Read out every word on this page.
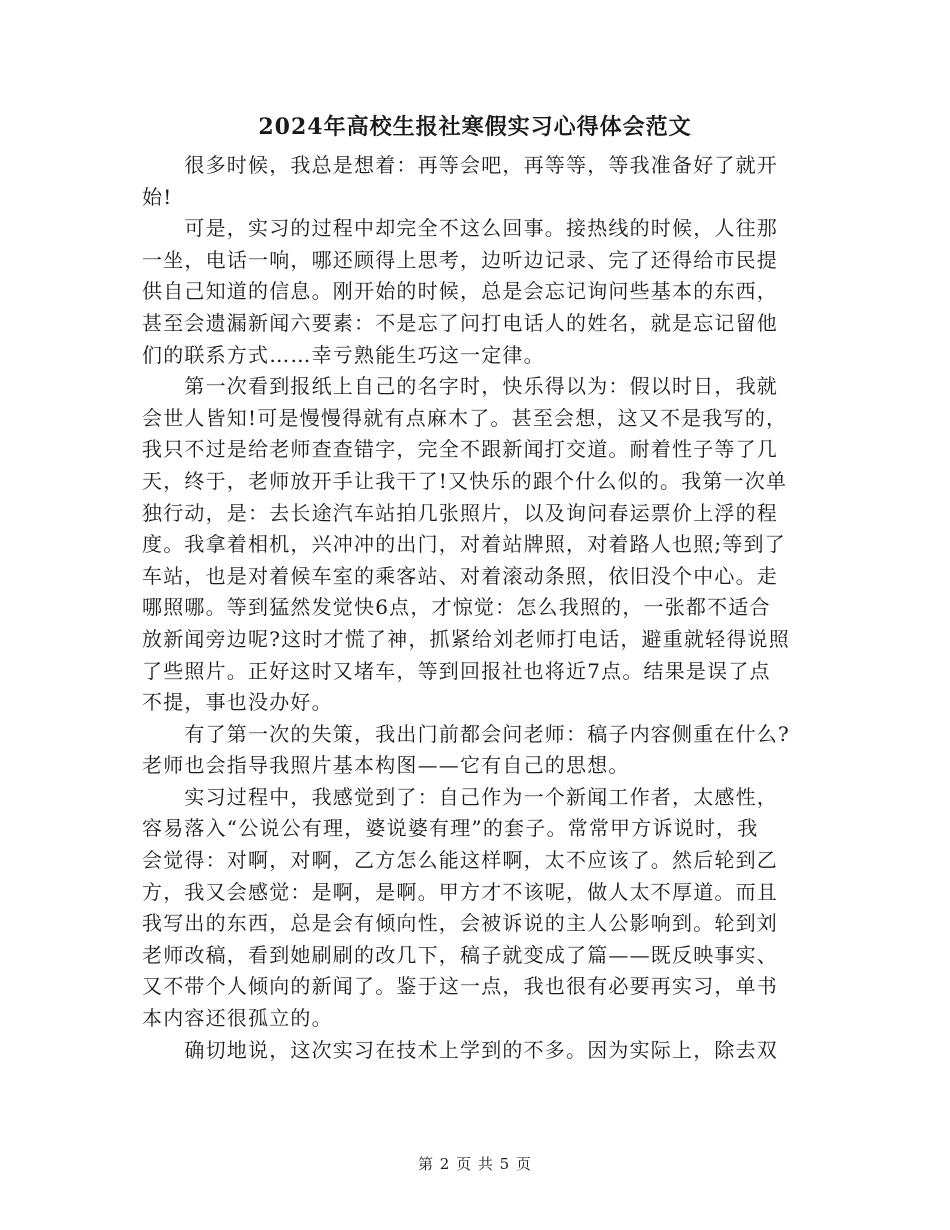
2024年高校生报社寒假实习心得体会范文
　　很多时候，我总是想着：再等会吧，再等等，等我准备好了就开
始!
　　可是，实习的过程中却完全不这么回事。接热线的时候，人往那
一坐，电话一响，哪还顾得上思考，边听边记录、完了还得给市民提
供自己知道的信息。刚开始的时候，总是会忘记询问些基本的东西，
甚至会遗漏新闻六要素：不是忘了问打电话人的姓名，就是忘记留他
们的联系方式……幸亏熟能生巧这一定律。
　　第一次看到报纸上自己的名字时，快乐得以为：假以时日，我就
会世人皆知!可是慢慢得就有点麻木了。甚至会想，这又不是我写的，
我只不过是给老师查查错字，完全不跟新闻打交道。耐着性子等了几
天，终于，老师放开手让我干了!又快乐的跟个什么似的。我第一次单
独行动，是：去长途汽车站拍几张照片，以及询问春运票价上浮的程
度。我拿着相机，兴冲冲的出门，对着站牌照，对着路人也照;等到了
车站，也是对着候车室的乘客站、对着滚动条照，依旧没个中心。走
哪照哪。等到猛然发觉快6点，才惊觉：怎么我照的，一张都不适合
放新闻旁边呢?这时才慌了神，抓紧给刘老师打电话，避重就轻得说照
了些照片。正好这时又堵车，等到回报社也将近7点。结果是误了点
不提，事也没办好。
　　有了第一次的失策，我出门前都会问老师：稿子内容侧重在什么?
老师也会指导我照片基本构图——它有自己的思想。
　　实习过程中，我感觉到了：自己作为一个新闻工作者，太感性，
容易落入“公说公有理，婆说婆有理”的套子。常常甲方诉说时，我
会觉得：对啊，对啊，乙方怎么能这样啊，太不应该了。然后轮到乙
方，我又会感觉：是啊，是啊。甲方才不该呢，做人太不厚道。而且
我写出的东西，总是会有倾向性，会被诉说的主人公影响到。轮到刘
老师改稿，看到她刷刷的改几下，稿子就变成了篇——既反映事实、
又不带个人倾向的新闻了。鉴于这一点，我也很有必要再实习，单书
本内容还很孤立的。
　　确切地说，这次实习在技术上学到的不多。因为实际上，除去双
第 2 页 共 5 页
